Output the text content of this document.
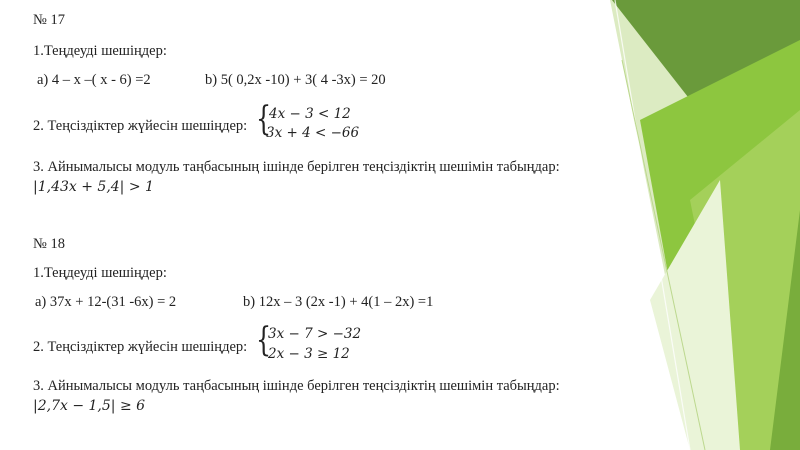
№ 17
1.Теңдеуді шешіңдер:
а) 4 – х –( х - 6) =2	b) 5( 0,2х -10) + 3( 4 -3х) = 20
2. Теңсіздіктер жүйесін шешіңдер: {
4𝑥 − 3 < 12
3𝑥 + 4 < −66
3. Айнымалысы модуль таңбасының ішінде берілген теңсіздіктің шешімін табыңдар:
|1,43𝑥 + 5,4| > 1
№ 18
1.Теңдеуді шешіңдер:
а) 37х + 12-(31 -6х) = 2	b) 12х – 3 (2х -1) + 4(1 – 2х) =1
2. Теңсіздіктер жүйесін шешіңдер: {
3𝑥 − 7 > −32
2𝑥 − 3 ≥ 12
3. Айнымалысы модуль таңбасының ішінде берілген теңсіздіктің шешімін табыңдар:
|2,7𝑥 − 1,5| ≥ 6
